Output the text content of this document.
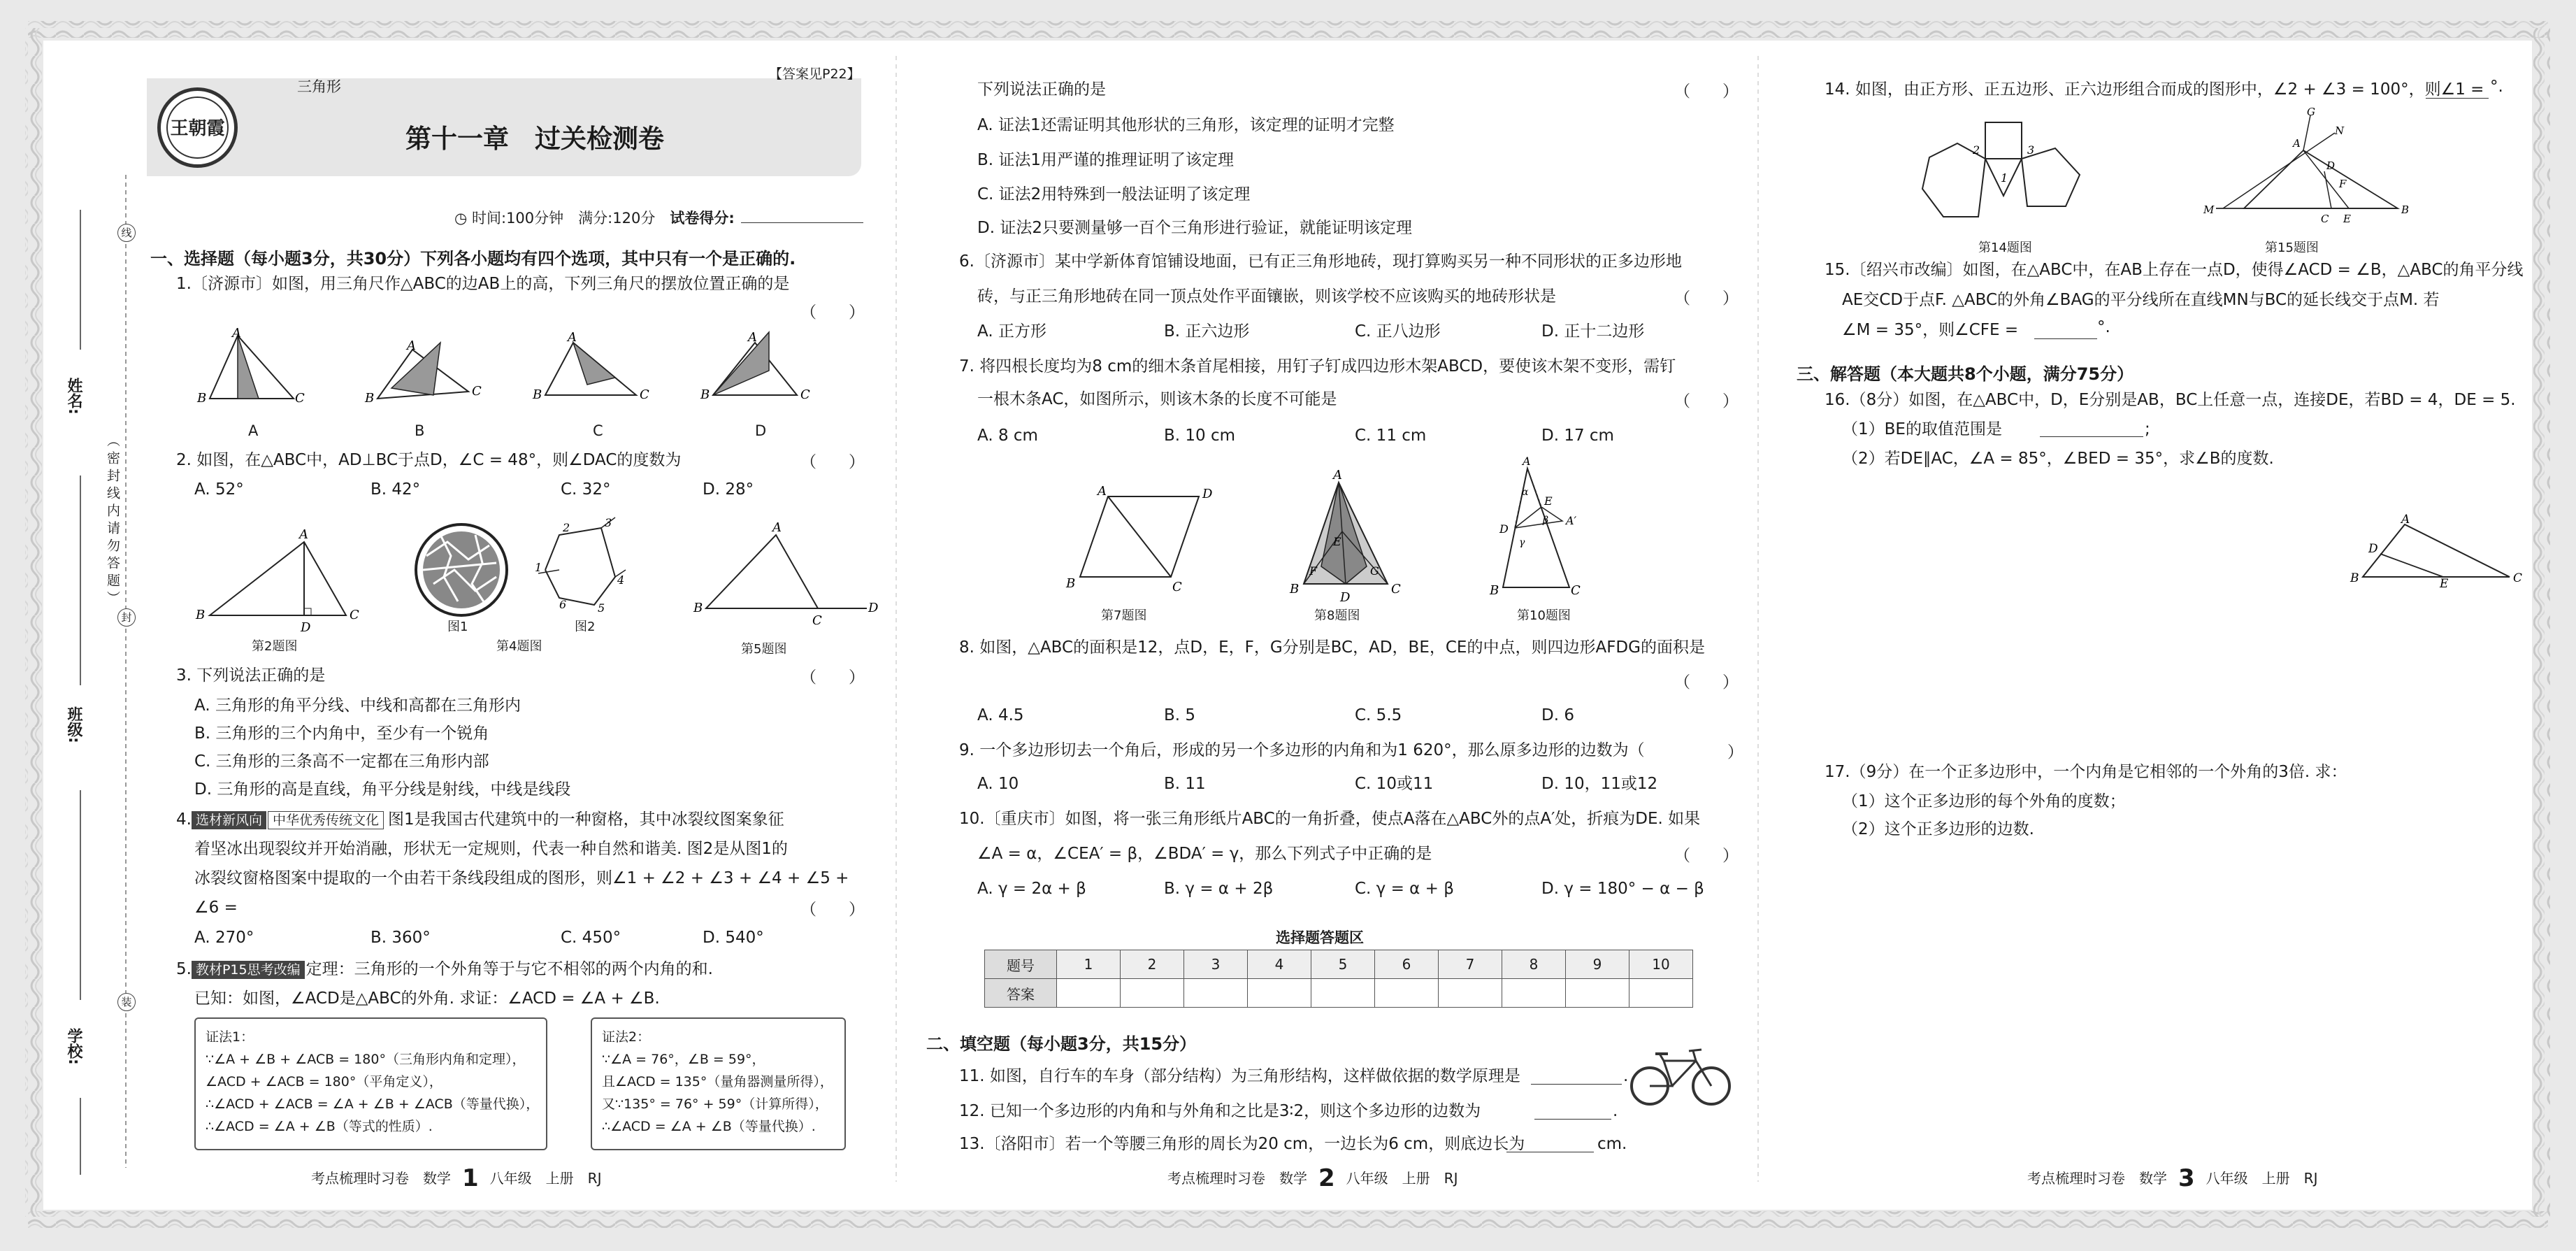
姓名:
班级:
学校:
（密封线内请勿答题）
线
封
装
王朝霞
三角形
【答案见P22】
第十一章　过关检测卷
◷ 时间:100分钟　 满分:120分　 试卷得分:
一、选择题（每小题3分，共30分）下列各小题均有四个选项，其中只有一个是正确的.
1.〔济源市〕如图，用三角尺作△ABC的边AB上的高，下列三角尺的摆放位置正确的是
（　　）
B
A
C	B
A
C	B
A
C	B
A
C
A	B	C	D
2. 如图，在△ABC中，AD⊥BC于点D，∠C = 48°，则∠DAC的度数为	（　　）
A. 52°	B. 42°	C. 32°	D. 28°
B
A
D
C
1
2	3
4
5
6	B
A
C
D
第2题图
图1	图2
第4题图	第5题图
3. 下列说法正确的是	（　　）
A. 三角形的角平分线、中线和高都在三角形内
B. 三角形的三个内角中，至少有一个锐角
C. 三角形的三条高不一定都在三角形内部
D. 三角形的高是直线，角平分线是射线，中线是线段
4. 选材新风向 中华优秀传统文化 图1是我国古代建筑中的一种窗格，其中冰裂纹图案象征
着坚冰出现裂纹并开始消融，形状无一定规则，代表一种自然和谐美. 图2是从图1的
冰裂纹窗格图案中提取的一个由若干条线段组成的图形，则∠1 + ∠2 + ∠3 + ∠4 + ∠5 +
∠6 =	（　　）
A. 270°	B. 360°	C. 450°	D. 540°
5. 教材P15思考改编 定理：三角形的一个外角等于与它不相邻的两个内角的和.
已知：如图，∠ACD是△ABC的外角. 求证：∠ACD = ∠A + ∠B.
证法1：
∵∠A + ∠B + ∠ACB = 180°（三角形内角和定理），
∠ACD + ∠ACB = 180°（平角定义），
∴∠ACD + ∠ACB = ∠A + ∠B + ∠ACB（等量代换），
∴∠ACD = ∠A + ∠B（等式的性质）.
证法2：
∵∠A = 76°，∠B = 59°，
且∠ACD = 135°（量角器测量所得），
又∵135° = 76° + 59°（计算所得），
∴∠ACD = ∠A + ∠B（等量代换）.
考点梳理时习卷　数学 1 八年级　上册　RJ
下列说法正确的是	（　　）
A. 证法1还需证明其他形状的三角形，该定理的证明才完整
B. 证法1用严谨的推理证明了该定理
C. 证法2用特殊到一般法证明了该定理
D. 证法2只要测量够一百个三角形进行验证，就能证明该定理
6.〔济源市〕某中学新体育馆铺设地面，已有正三角形地砖，现打算购买另一种不同形状的正多边形地
砖，与正三角形地砖在同一顶点处作平面镶嵌，则该学校不应该购买的地砖形状是	（　　）
A. 正方形	B. 正六边形	C. 正八边形	D. 正十二边形
7. 将四根长度均为8 cm的细木条首尾相接，用钉子钉成四边形木架ABCD，要使该木架不变形，需钉
一根木条AC，如图所示，则该木条的长度不可能是	（　　）
A. 8 cm	B. 10 cm	C. 11 cm	D. 17 cm
A	D
B	C
A
E
F	G
B
D
C
A
α
E
β
D
γ
A′
B	C
第7题图	第8题图	第10题图
8. 如图，△ABC的面积是12，点D，E，F，G分别是BC，AD，BE，CE的中点，则四边形AFDG的面积是
（　　）
A. 4.5	B. 5	C. 5.5	D. 6
9. 一个多边形切去一个角后，形成的另一个多边形的内角和为1 620°，那么原多边形的边数为（	　　）
A. 10	B. 11	C. 10或11	D. 10，11或12
10.〔重庆市〕如图，将一张三角形纸片ABC的一角折叠，使点A落在△ABC外的点A′处，折痕为DE. 如果
∠A = α，∠CEA′ = β，∠BDA′ = γ，那么下列式子中正确的是	（　　）
A. γ = 2α + β	B. γ = α + 2β	C. γ = α + β	D. γ = 180° − α − β
选择题答题区
题号	1	2	3	4	5	6	7	8	9	10
答案										
二、填空题（每小题3分，共15分）
11. 如图，自行车的车身（部分结构）为三角形结构，这样做依据的数学原理是	.
12. 已知一个多边形的内角和与外角和之比是3∶2，则这个多边形的边数为	.
13.〔洛阳市〕若一个等腰三角形的周长为20 cm，一边长为6 cm，则底边长为	cm.
考点梳理时习卷　数学 2 八年级　上册　RJ
14. 如图，由正方形、正五边形、正六边形组合而成的图形中，∠2 + ∠3 = 100°，则∠1 = °.
2	3
1
G
N
A
D
F
M
C E
B
第14题图	第15题图
15.〔绍兴市改编〕如图，在△ABC中，在AB上存在一点D，使得∠ACD = ∠B，△ABC的角平分线
AE交CD于点F. △ABC的外角∠BAG的平分线所在直线MN与BC的延长线交于点M. 若
∠M = 35°，则∠CFE =	°.
三、解答题（本大题共8个小题，满分75分）
16.（8分）如图，在△ABC中，D，E分别是AB，BC上任意一点，连接DE，若BD = 4，DE = 5.
（1）BE的取值范围是	;
（2）若DE∥AC，∠A = 85°，∠BED = 35°，求∠B的度数.
A
D
B	E	C
17.（9分）在一个正多边形中，一个内角是它相邻的一个外角的3倍. 求：
（1）这个正多边形的每个外角的度数；
（2）这个正多边形的边数.
考点梳理时习卷　数学 3 八年级　上册　RJ
